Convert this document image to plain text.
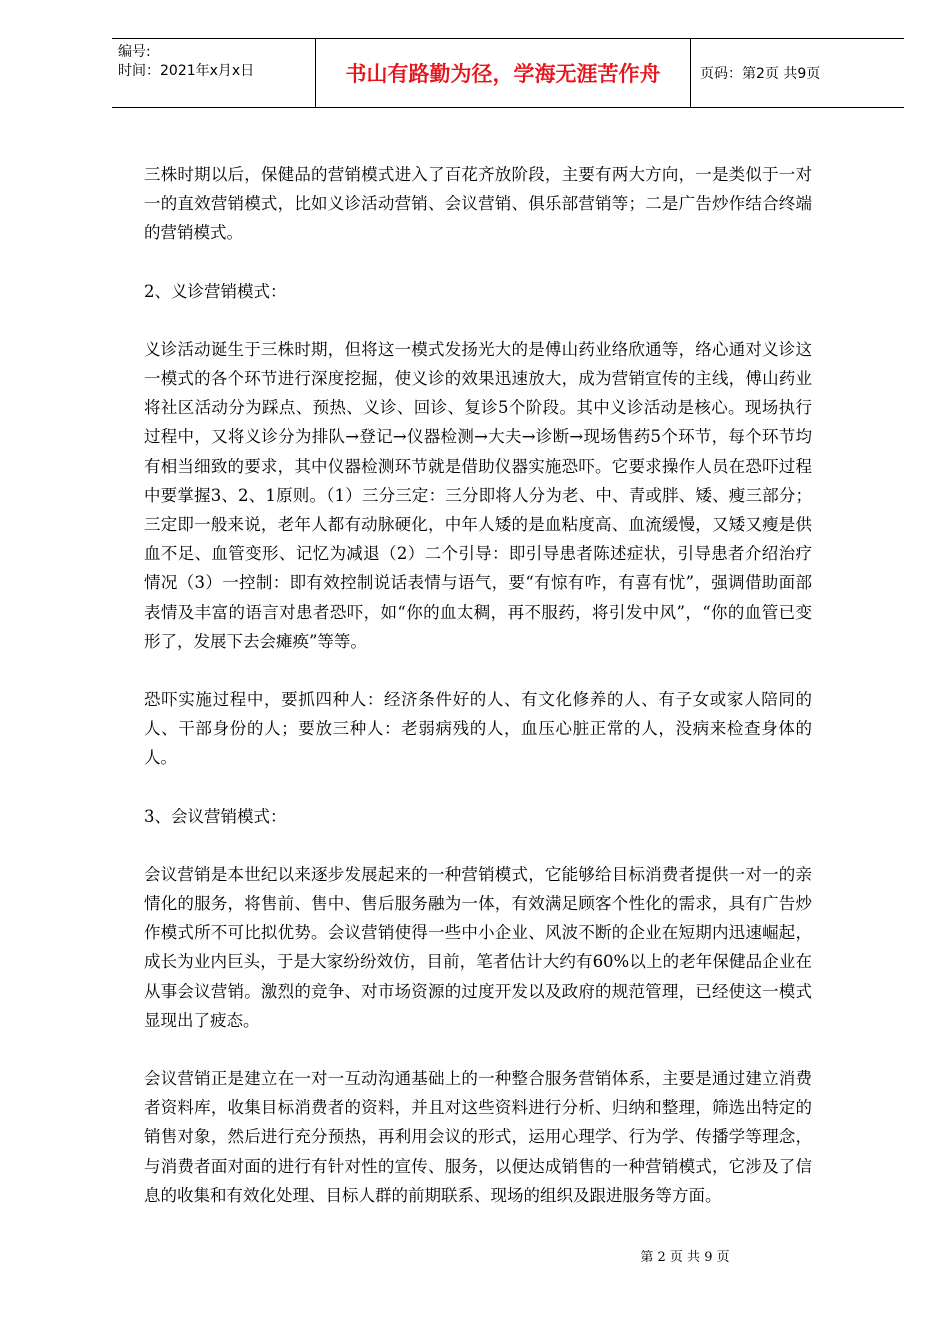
编号:
时间：2021年x月x日	书山有路勤为径，学海无涯苦作舟	页码：第2页 共9页

三株时期以后，保健品的营销模式进入了百花齐放阶段，主要有两大方向，一是类似于一对一的直效营销模式，比如义诊活动营销、会议营销、俱乐部营销等；二是广告炒作结合终端的营销模式。

2、义诊营销模式：

义诊活动诞生于三株时期，但将这一模式发扬光大的是傅山药业络欣通等，络心通对义诊这一模式的各个环节进行深度挖掘，使义诊的效果迅速放大，成为营销宣传的主线，傅山药业将社区活动分为踩点、预热、义诊、回诊、复诊5个阶段。其中义诊活动是核心。现场执行过程中，又将义诊分为排队→登记→仪器检测→大夫→诊断→现场售药5个环节，每个环节均有相当细致的要求，其中仪器检测环节就是借助仪器实施恐吓。它要求操作人员在恐吓过程中要掌握3、2、1原则。（1）三分三定：三分即将人分为老、中、青或胖、矮、瘦三部分；三定即一般来说，老年人都有动脉硬化，中年人矮的是血粘度高、血流缓慢，又矮又瘦是供血不足、血管变形、记忆为减退（2）二个引导：即引导患者陈述症状，引导患者介绍治疗情况（3）一控制：即有效控制说话表情与语气，要“有惊有咋，有喜有忧”，强调借助面部表情及丰富的语言对患者恐吓，如“你的血太稠，再不服药，将引发中风”，“你的血管已变形了，发展下去会瘫痪”等等。

恐吓实施过程中，要抓四种人：经济条件好的人、有文化修养的人、有子女或家人陪同的人、干部身份的人；要放三种人：老弱病残的人，血压心脏正常的人，没病来检查身体的人。

3、会议营销模式：

会议营销是本世纪以来逐步发展起来的一种营销模式，它能够给目标消费者提供一对一的亲情化的服务，将售前、售中、售后服务融为一体，有效满足顾客个性化的需求，具有广告炒作模式所不可比拟优势。会议营销使得一些中小企业、风波不断的企业在短期内迅速崛起，成长为业内巨头，于是大家纷纷效仿，目前，笔者估计大约有60%以上的老年保健品企业在从事会议营销。激烈的竞争、对市场资源的过度开发以及政府的规范管理，已经使这一模式显现出了疲态。

会议营销正是建立在一对一互动沟通基础上的一种整合服务营销体系，主要是通过建立消费者资料库，收集目标消费者的资料，并且对这些资料进行分析、归纳和整理，筛选出特定的销售对象，然后进行充分预热，再利用会议的形式，运用心理学、行为学、传播学等理念，与消费者面对面的进行有针对性的宣传、服务，以便达成销售的一种营销模式，它涉及了信息的收集和有效化处理、目标人群的前期联系、现场的组织及跟进服务等方面。

第 2 页 共 9 页
